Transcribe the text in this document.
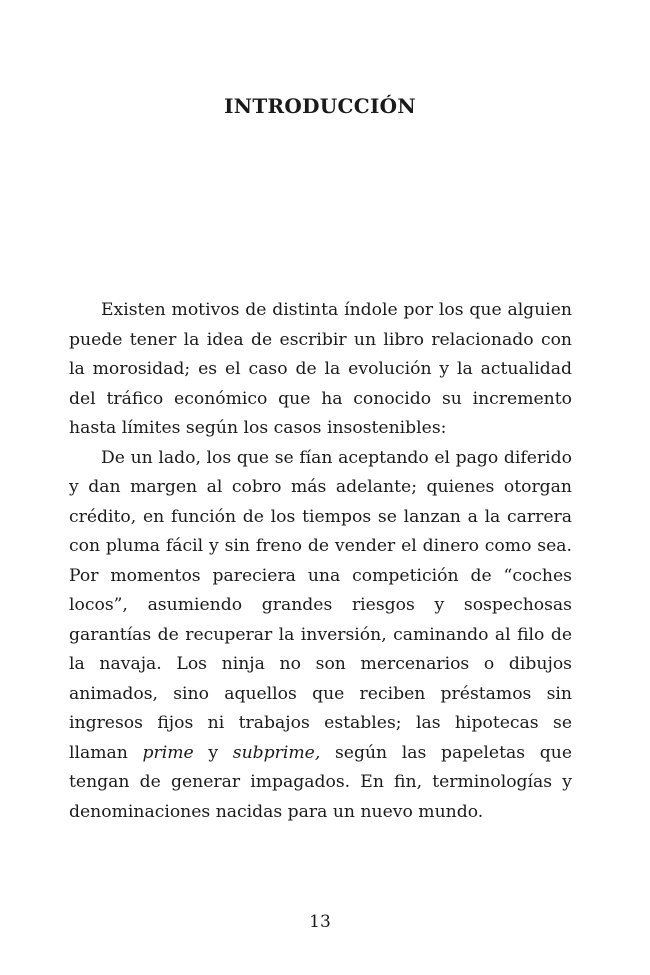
INTRODUCCIÓN

Existen motivos de distinta índole por los que alguien puede tener la idea de escribir un libro relacionado con la morosidad; es el caso de la evolución y la actualidad del tráfico económico que ha conocido su incremento hasta límites según los casos insostenibles:

De un lado, los que se fían aceptando el pago diferido y dan margen al cobro más adelante; quienes otorgan crédito, en función de los tiempos se lanzan a la carrera con pluma fácil y sin freno de vender el dinero como sea. Por momentos pareciera una competición de “coches locos”, asumiendo grandes riesgos y sospechosas garantías de recuperar la inversión, caminando al filo de la navaja. Los ninja no son mercenarios o dibujos animados, sino aquellos que reciben préstamos sin ingresos fijos ni trabajos estables; las hipotecas se llaman prime y subprime, según las papeletas que tengan de generar impagados. En fin, terminologías y denominaciones nacidas para un nuevo mundo.

13
